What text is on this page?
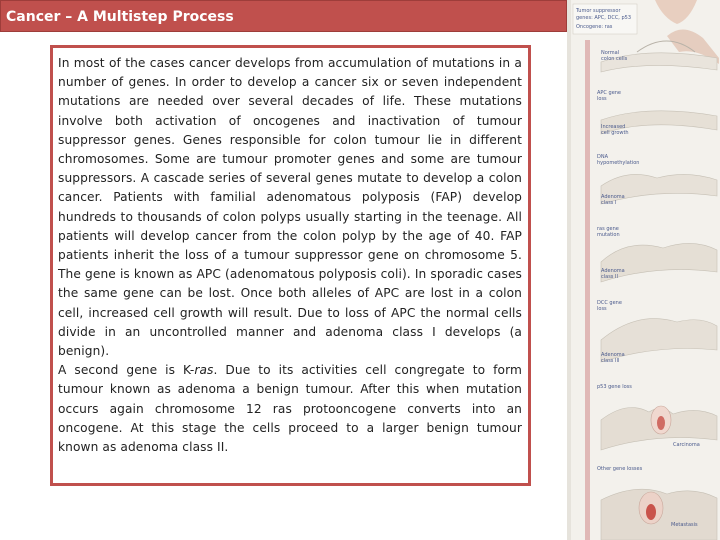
Cancer – A Multistep Process

In most of the cases cancer develops from accumulation of mutations in a number of genes. In order to develop a cancer six or seven independent mutations are needed over several decades of life. These mutations involve both activation of oncogenes and inactivation of tumour suppressor genes. Genes responsible for colon tumour lie in different chromosomes. Some are tumour promoter genes and some are tumour suppressors. A cascade series of several genes mutate to develop a colon cancer. Patients with familial adenomatous polyposis (FAP) develop hundreds to thousands of colon polyps usually starting in the teenage. All patients will develop cancer from the colon polyp by the age of 40. FAP patients inherit the loss of a tumour suppressor gene on chromosome 5. The gene is known as APC (adenomatous polyposis coli). In sporadic cases the same gene can be lost. Once both alleles of APC are lost in a colon cell, increased cell growth will result. Due to loss of APC the normal cells divide in an uncontrolled manner and adenoma class I develops (a benign).

A second gene is K-ras. Due to its activities cell congregate to form tumour known as adenoma a benign tumour. After this when mutation occurs again chromosome 12 ras protooncogene converts into an oncogene. At this stage the cells proceed to a larger benign tumour known as adenoma class II.

Tumor suppressor
genes: APC, DCC, p53
Oncogene: ras
Normal
colon cells
APC gene
loss
Increased
cell growth
DNA
hypomethylation
Adenoma
class I
ras gene
mutation
Adenoma
class II
DCC gene
loss
Adenoma
class III
p53 gene loss
Carcinoma
Other gene losses
Metastasis
